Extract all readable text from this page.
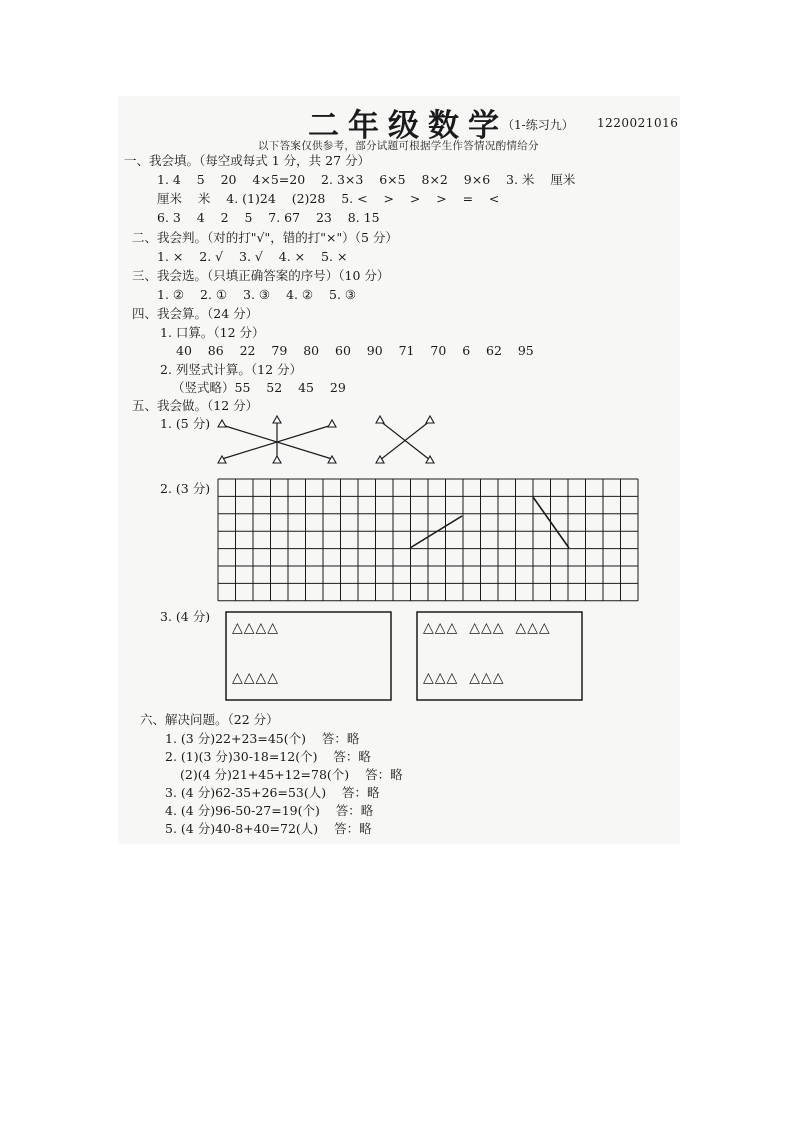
二年级数学
（1-练习九） 1220021016
以下答案仅供参考，部分试题可根据学生作答情况酌情给分
一、我会填。（每空或每式 1 分，共 27 分）
1. 4    5    20    4×5=20    2. 3×3    6×5    8×2    9×6    3. 米    厘米
厘米    米    4. (1)24    (2)28    5. <    >    >    >    =    <
6. 3    4    2    5    7. 67    23    8. 15
二、我会判。（对的打"√"，错的打"×"）（5 分）
1. ×    2. √    3. √    4. ×    5. ×
三、我会选。（只填正确答案的序号）（10 分）
1. ②    2. ①    3. ③    4. ②    5. ③
四、我会算。（24 分）
1. 口算。（12 分）
40    86    22    79    80    60    90    71    70    6    62    95
2. 列竖式计算。（12 分）
（竖式略）55    52    45    29
五、我会做。（12 分）
1. (5 分)
2. (3 分)
3. (4 分)
△△△△
△△△△
△△△  △△△  △△△
△△△  △△△
六、解决问题。（22 分）
1. (3 分)22+23=45(个)    答：略
2. (1)(3 分)30-18=12(个)    答：略
(2)(4 分)21+45+12=78(个)    答：略
3. (4 分)62-35+26=53(人)    答：略
4. (4 分)96-50-27=19(个)    答：略
5. (4 分)40-8+40=72(人)    答：略
